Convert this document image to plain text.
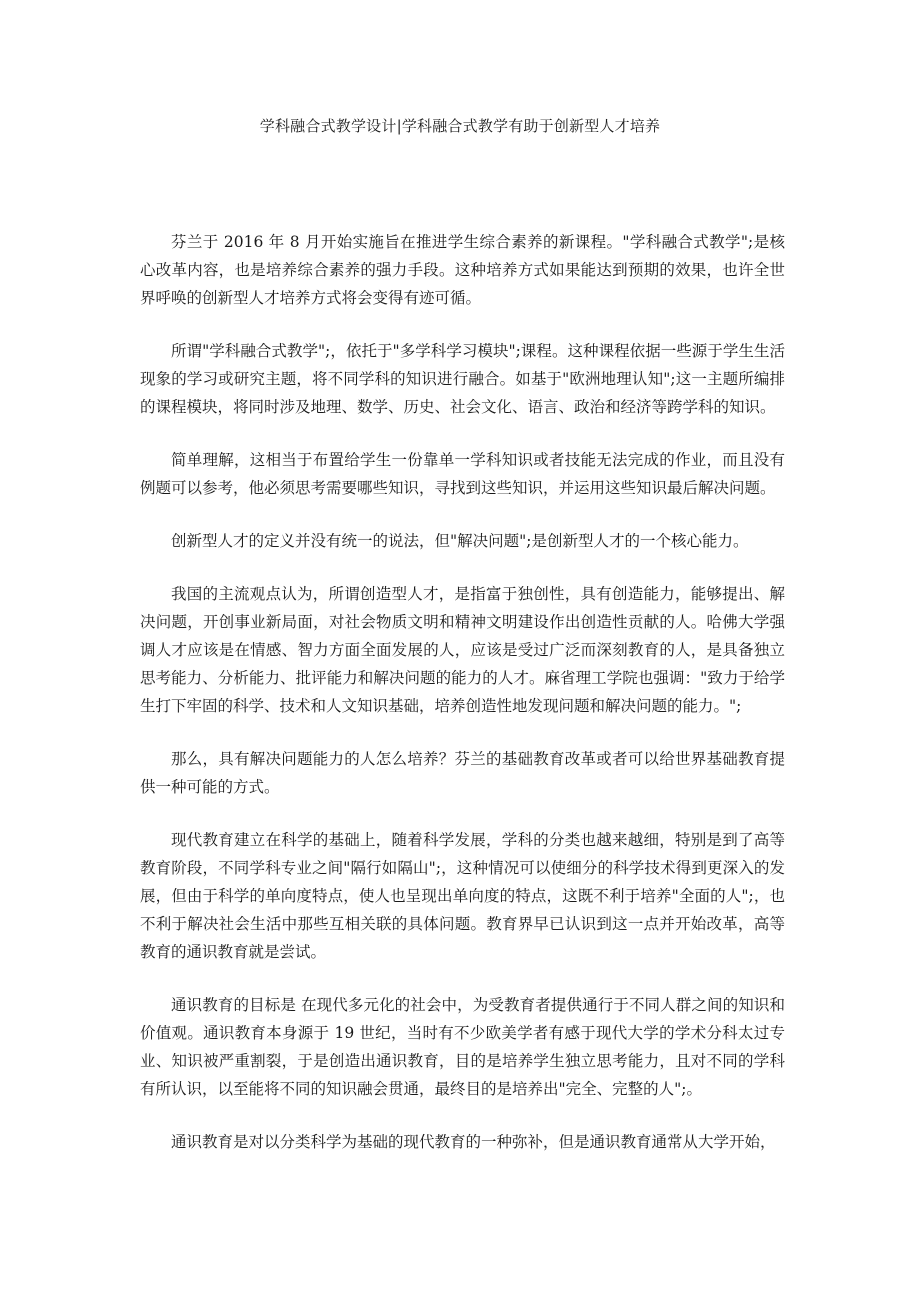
学科融合式教学设计|学科融合式教学有助于创新型人才培养

芬兰于 2016 年 8 月开始实施旨在推进学生综合素养的新课程。"学科融合式教学";是核心改革内容，也是培养综合素养的强力手段。这种培养方式如果能达到预期的效果，也许全世界呼唤的创新型人才培养方式将会变得有迹可循。

所谓"学科融合式教学";，依托于"多学科学习模块";课程。这种课程依据一些源于学生生活现象的学习或研究主题，将不同学科的知识进行融合。如基于"欧洲地理认知";这一主题所编排的课程模块，将同时涉及地理、数学、历史、社会文化、语言、政治和经济等跨学科的知识。

简单理解，这相当于布置给学生一份靠单一学科知识或者技能无法完成的作业，而且没有例题可以参考，他必须思考需要哪些知识，寻找到这些知识，并运用这些知识最后解决问题。

创新型人才的定义并没有统一的说法，但"解决问题";是创新型人才的一个核心能力。

我国的主流观点认为，所谓创造型人才，是指富于独创性，具有创造能力，能够提出、解决问题，开创事业新局面，对社会物质文明和精神文明建设作出创造性贡献的人。哈佛大学强调人才应该是在情感、智力方面全面发展的人，应该是受过广泛而深刻教育的人，是具备独立思考能力、分析能力、批评能力和解决问题的能力的人才。麻省理工学院也强调："致力于给学生打下牢固的科学、技术和人文知识基础，培养创造性地发现问题和解决问题的能力。";

那么，具有解决问题能力的人怎么培养？芬兰的基础教育改革或者可以给世界基础教育提供一种可能的方式。

现代教育建立在科学的基础上，随着科学发展，学科的分类也越来越细，特别是到了高等教育阶段，不同学科专业之间"隔行如隔山";，这种情况可以使细分的科学技术得到更深入的发展，但由于科学的单向度特点，使人也呈现出单向度的特点，这既不利于培养"全面的人";，也不利于解决社会生活中那些互相关联的具体问题。教育界早已认识到这一点并开始改革，高等教育的通识教育就是尝试。

通识教育的目标是 在现代多元化的社会中，为受教育者提供通行于不同人群之间的知识和价值观。通识教育本身源于 19 世纪，当时有不少欧美学者有感于现代大学的学术分科太过专业、知识被严重割裂，于是创造出通识教育，目的是培养学生独立思考能力，且对不同的学科有所认识，以至能将不同的知识融会贯通，最终目的是培养出"完全、完整的人";。

通识教育是对以分类科学为基础的现代教育的一种弥补，但是通识教育通常从大学开始，
